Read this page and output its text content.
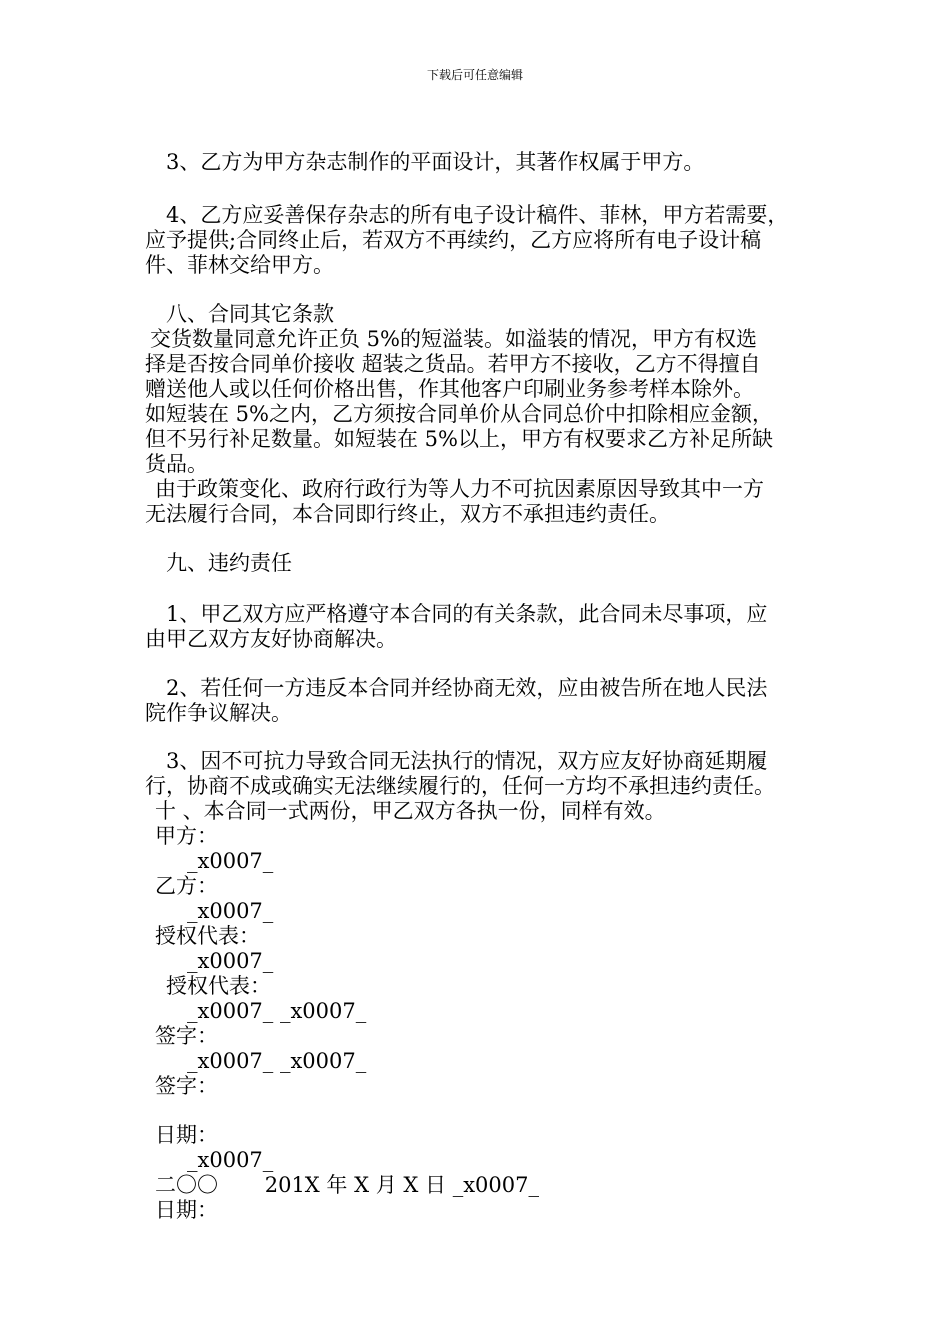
下载后可任意编辑
3、乙方为甲方杂志制作的平面设计，其著作权属于甲方。
4、乙方应妥善保存杂志的所有电子设计稿件、菲林，甲方若需要，
应予提供;合同终止后，若双方不再续约，乙方应将所有电子设计稿
件、菲林交给甲方。
八、合同其它条款
交货数量同意允许正负 5%的短溢装。如溢装的情况，甲方有权选
择是否按合同单价接收 超装之货品。若甲方不接收，乙方不得擅自
赠送他人或以任何价格出售，作其他客户印刷业务参考样本除外。
如短装在 5%之内，乙方须按合同单价从合同总价中扣除相应金额，
但不另行补足数量。如短装在 5%以上，甲方有权要求乙方补足所缺
货品。
由于政策变化、政府行政行为等人力不可抗因素原因导致其中一方
无法履行合同，本合同即行终止，双方不承担违约责任。
九、违约责任
1、甲乙双方应严格遵守本合同的有关条款，此合同未尽事项，应
由甲乙双方友好协商解决。
2、若任何一方违反本合同并经协商无效，应由被告所在地人民法
院作争议解决。
3、因不可抗力导致合同无法执行的情况，双方应友好协商延期履
行，协商不成或确实无法继续履行的，任何一方均不承担违约责任。
十 、本合同一式两份，甲乙双方各执一份，同样有效。
甲方：
_x0007_
乙方：
_x0007_
授权代表：
_x0007_
授权代表：
_x0007_ _x0007_
签字：
_x0007_ _x0007_
签字：
日期：
_x0007_
二〇〇       201X 年 X 月 X 日 _x0007_
日期：
